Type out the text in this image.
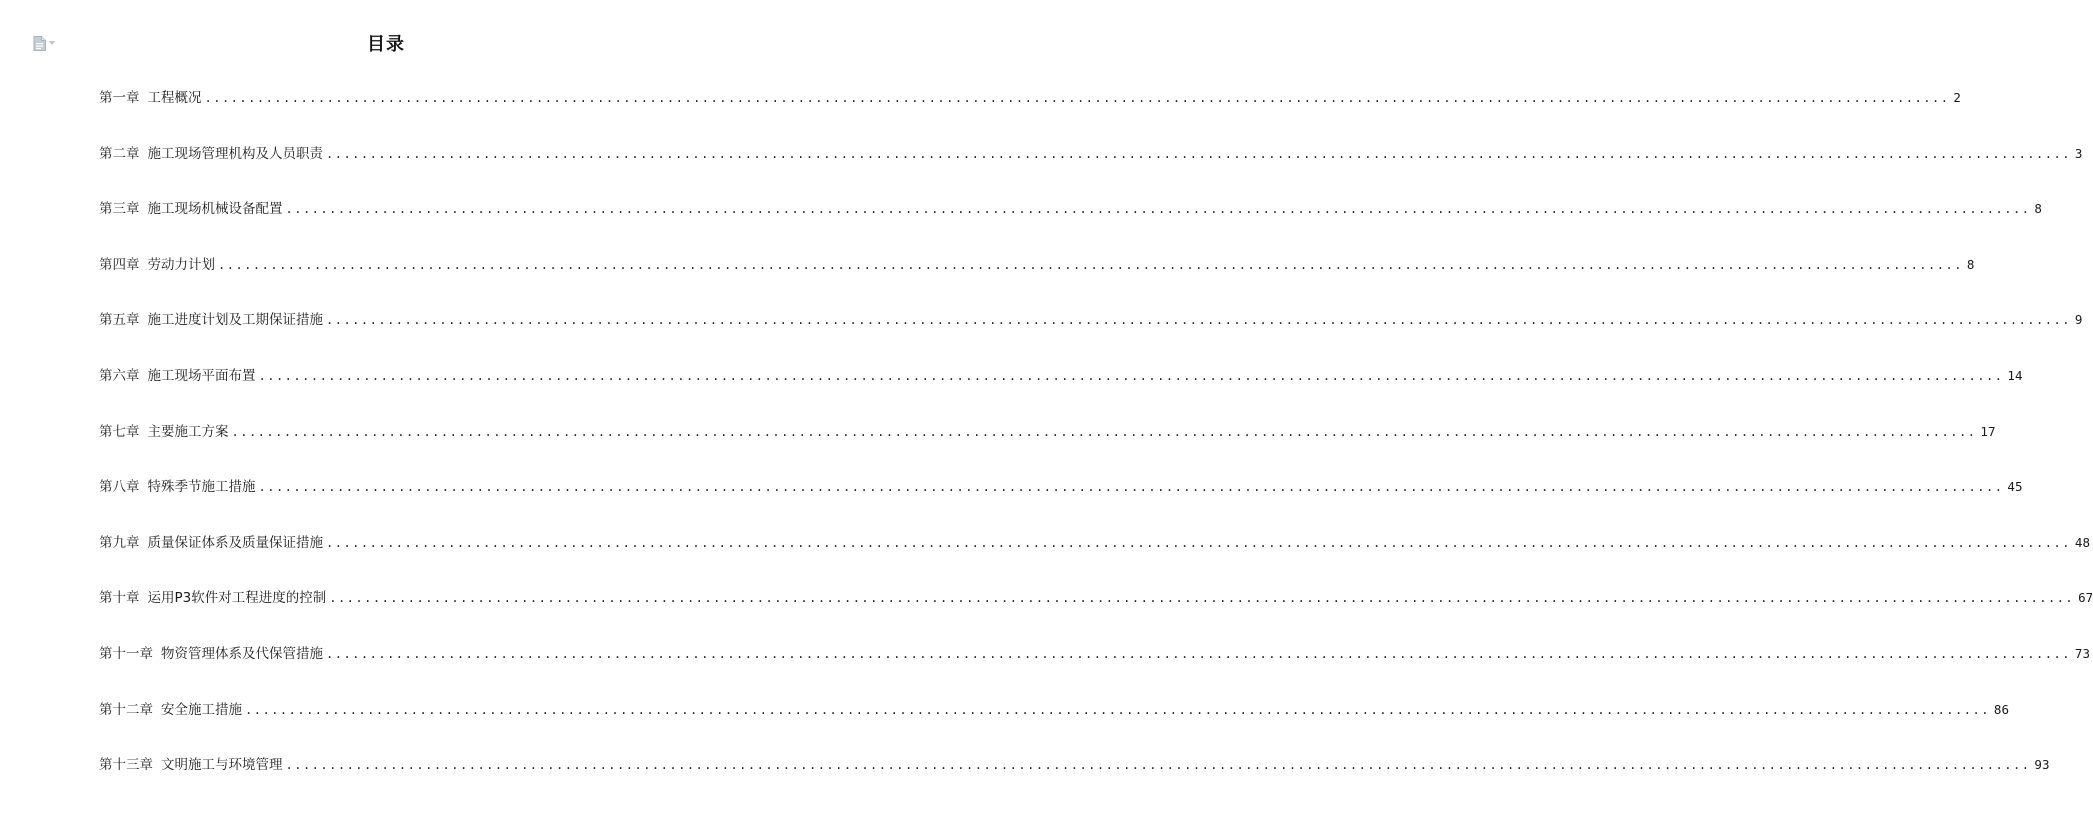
目录
第一章 工程概况 ........................................................................................................................................................................................................ 2
第二章 施工现场管理机构及人员职责 ........................................................................................................................................................................................................ 3
第三章 施工现场机械设备配置 ........................................................................................................................................................................................................ 8
第四章 劳动力计划 ........................................................................................................................................................................................................ 8
第五章 施工进度计划及工期保证措施 ........................................................................................................................................................................................................ 9
第六章 施工现场平面布置 ........................................................................................................................................................................................................ 14
第七章 主要施工方案 ........................................................................................................................................................................................................ 17
第八章 特殊季节施工措施 ........................................................................................................................................................................................................ 45
第九章 质量保证体系及质量保证措施 ........................................................................................................................................................................................................ 48
第十章 运用P3软件对工程进度的控制 ........................................................................................................................................................................................................ 67
第十一章 物资管理体系及代保管措施 ........................................................................................................................................................................................................ 73
第十二章 安全施工措施 ........................................................................................................................................................................................................ 86
第十三章 文明施工与环境管理 ........................................................................................................................................................................................................ 93
